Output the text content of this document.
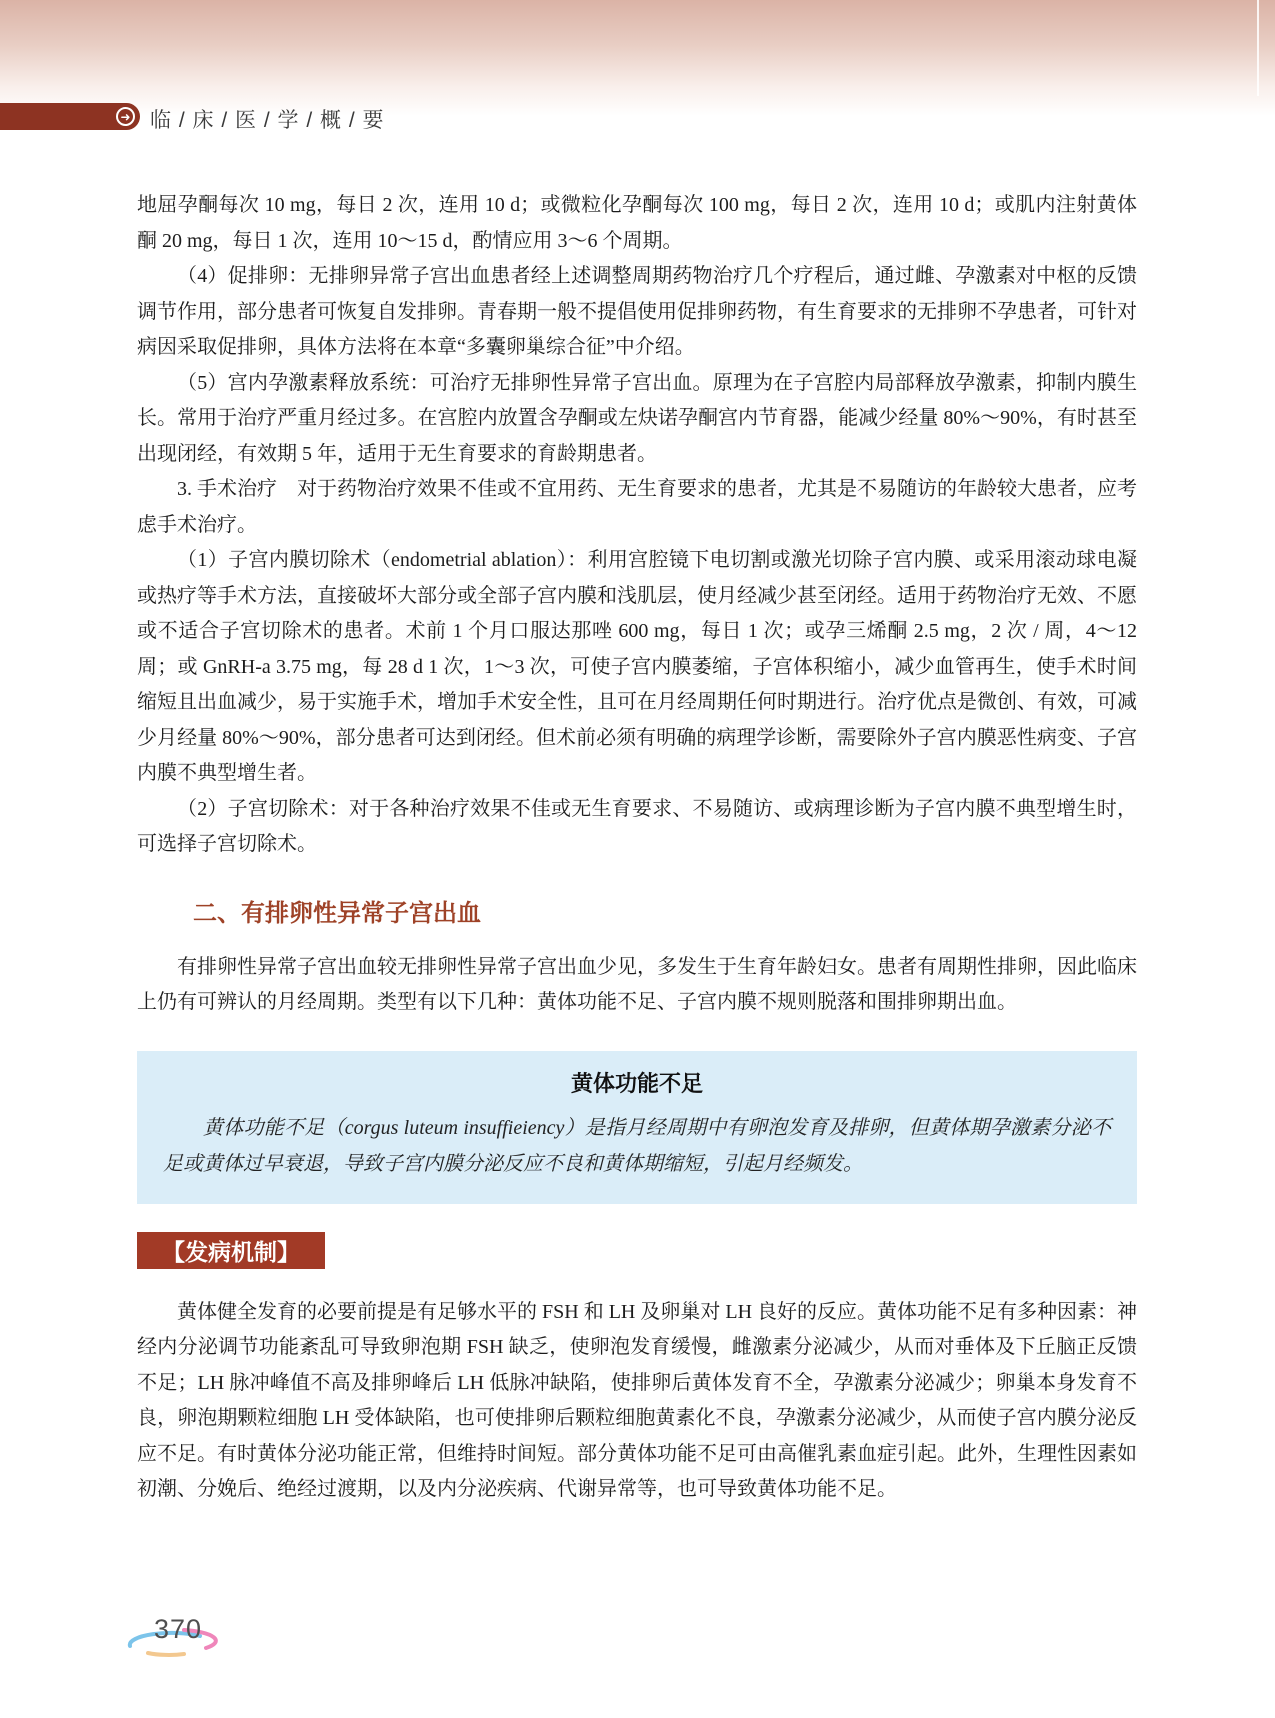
➜ 临 / 床 / 医 / 学 / 概 / 要

地屈孕酮每次 10 mg，每日 2 次，连用 10 d；或微粒化孕酮每次 100 mg，每日 2 次，连用 10 d；或肌内注射黄体酮 20 mg，每日 1 次，连用 10～15 d，酌情应用 3～6 个周期。

（4）促排卵：无排卵异常子宫出血患者经上述调整周期药物治疗几个疗程后，通过雌、孕激素对中枢的反馈调节作用，部分患者可恢复自发排卵。青春期一般不提倡使用促排卵药物，有生育要求的无排卵不孕患者，可针对病因采取促排卵，具体方法将在本章“多囊卵巢综合征”中介绍。

（5）宫内孕激素释放系统：可治疗无排卵性异常子宫出血。原理为在子宫腔内局部释放孕激素，抑制内膜生长。常用于治疗严重月经过多。在宫腔内放置含孕酮或左炔诺孕酮宫内节育器，能减少经量 80%～90%，有时甚至出现闭经，有效期 5 年，适用于无生育要求的育龄期患者。

3. 手术治疗　对于药物治疗效果不佳或不宜用药、无生育要求的患者，尤其是不易随访的年龄较大患者，应考虑手术治疗。

（1）子宫内膜切除术（endometrial ablation）：利用宫腔镜下电切割或激光切除子宫内膜、或采用滚动球电凝或热疗等手术方法，直接破坏大部分或全部子宫内膜和浅肌层，使月经减少甚至闭经。适用于药物治疗无效、不愿或不适合子宫切除术的患者。术前 1 个月口服达那唑 600 mg，每日 1 次；或孕三烯酮 2.5 mg，2 次 / 周，4～12 周；或 GnRH-a 3.75 mg，每 28 d 1 次，1～3 次，可使子宫内膜萎缩，子宫体积缩小，减少血管再生，使手术时间缩短且出血减少，易于实施手术，增加手术安全性，且可在月经周期任何时期进行。治疗优点是微创、有效，可减少月经量 80%～90%，部分患者可达到闭经。但术前必须有明确的病理学诊断，需要除外子宫内膜恶性病变、子宫内膜不典型增生者。

（2）子宫切除术：对于各种治疗效果不佳或无生育要求、不易随访、或病理诊断为子宫内膜不典型增生时，可选择子宫切除术。

二、有排卵性异常子宫出血

有排卵性异常子宫出血较无排卵性异常子宫出血少见，多发生于生育年龄妇女。患者有周期性排卵，因此临床上仍有可辨认的月经周期。类型有以下几种：黄体功能不足、子宫内膜不规则脱落和围排卵期出血。

黄体功能不足

黄体功能不足（corgus luteum insuffieiency）是指月经周期中有卵泡发育及排卵，但黄体期孕激素分泌不足或黄体过早衰退，导致子宫内膜分泌反应不良和黄体期缩短，引起月经频发。

【发病机制】

黄体健全发育的必要前提是有足够水平的 FSH 和 LH 及卵巢对 LH 良好的反应。黄体功能不足有多种因素：神经内分泌调节功能紊乱可导致卵泡期 FSH 缺乏，使卵泡发育缓慢，雌激素分泌减少，从而对垂体及下丘脑正反馈不足；LH 脉冲峰值不高及排卵峰后 LH 低脉冲缺陷，使排卵后黄体发育不全，孕激素分泌减少；卵巢本身发育不良，卵泡期颗粒细胞 LH 受体缺陷，也可使排卵后颗粒细胞黄素化不良，孕激素分泌减少，从而使子宫内膜分泌反应不足。有时黄体分泌功能正常，但维持时间短。部分黄体功能不足可由高催乳素血症引起。此外，生理性因素如初潮、分娩后、绝经过渡期，以及内分泌疾病、代谢异常等，也可导致黄体功能不足。

370
